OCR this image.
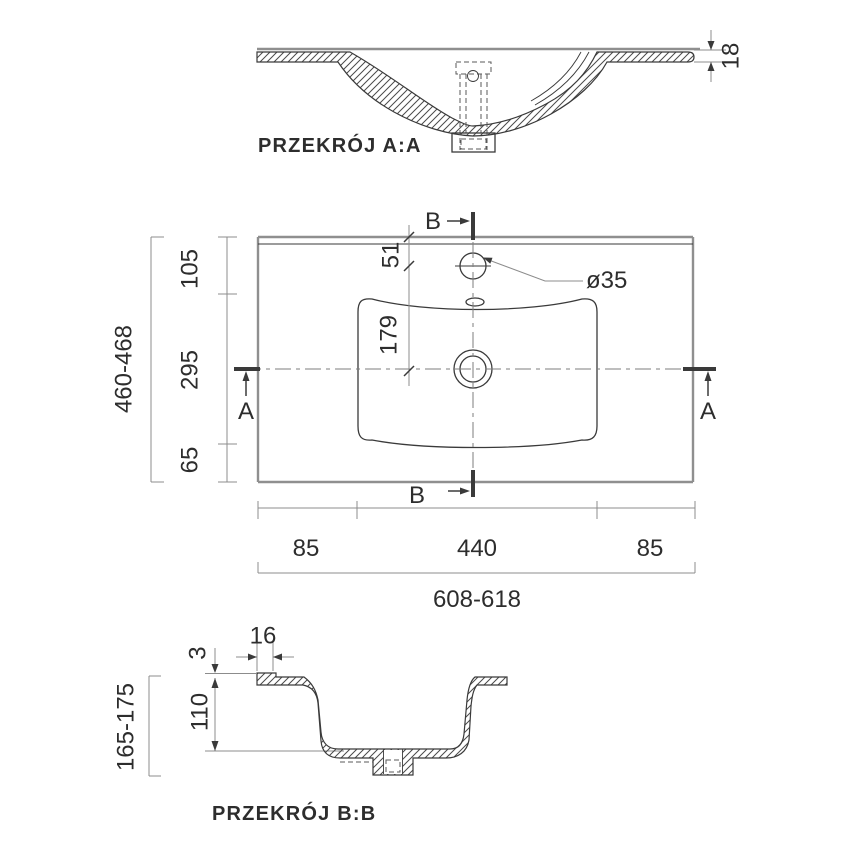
18
PRZEKRÓJ A:A
51
179
ø35
A	A
B
B
85	440	85
608-618
460-468
105
295
65
16
3
110
165-175
PRZEKRÓJ B:B
